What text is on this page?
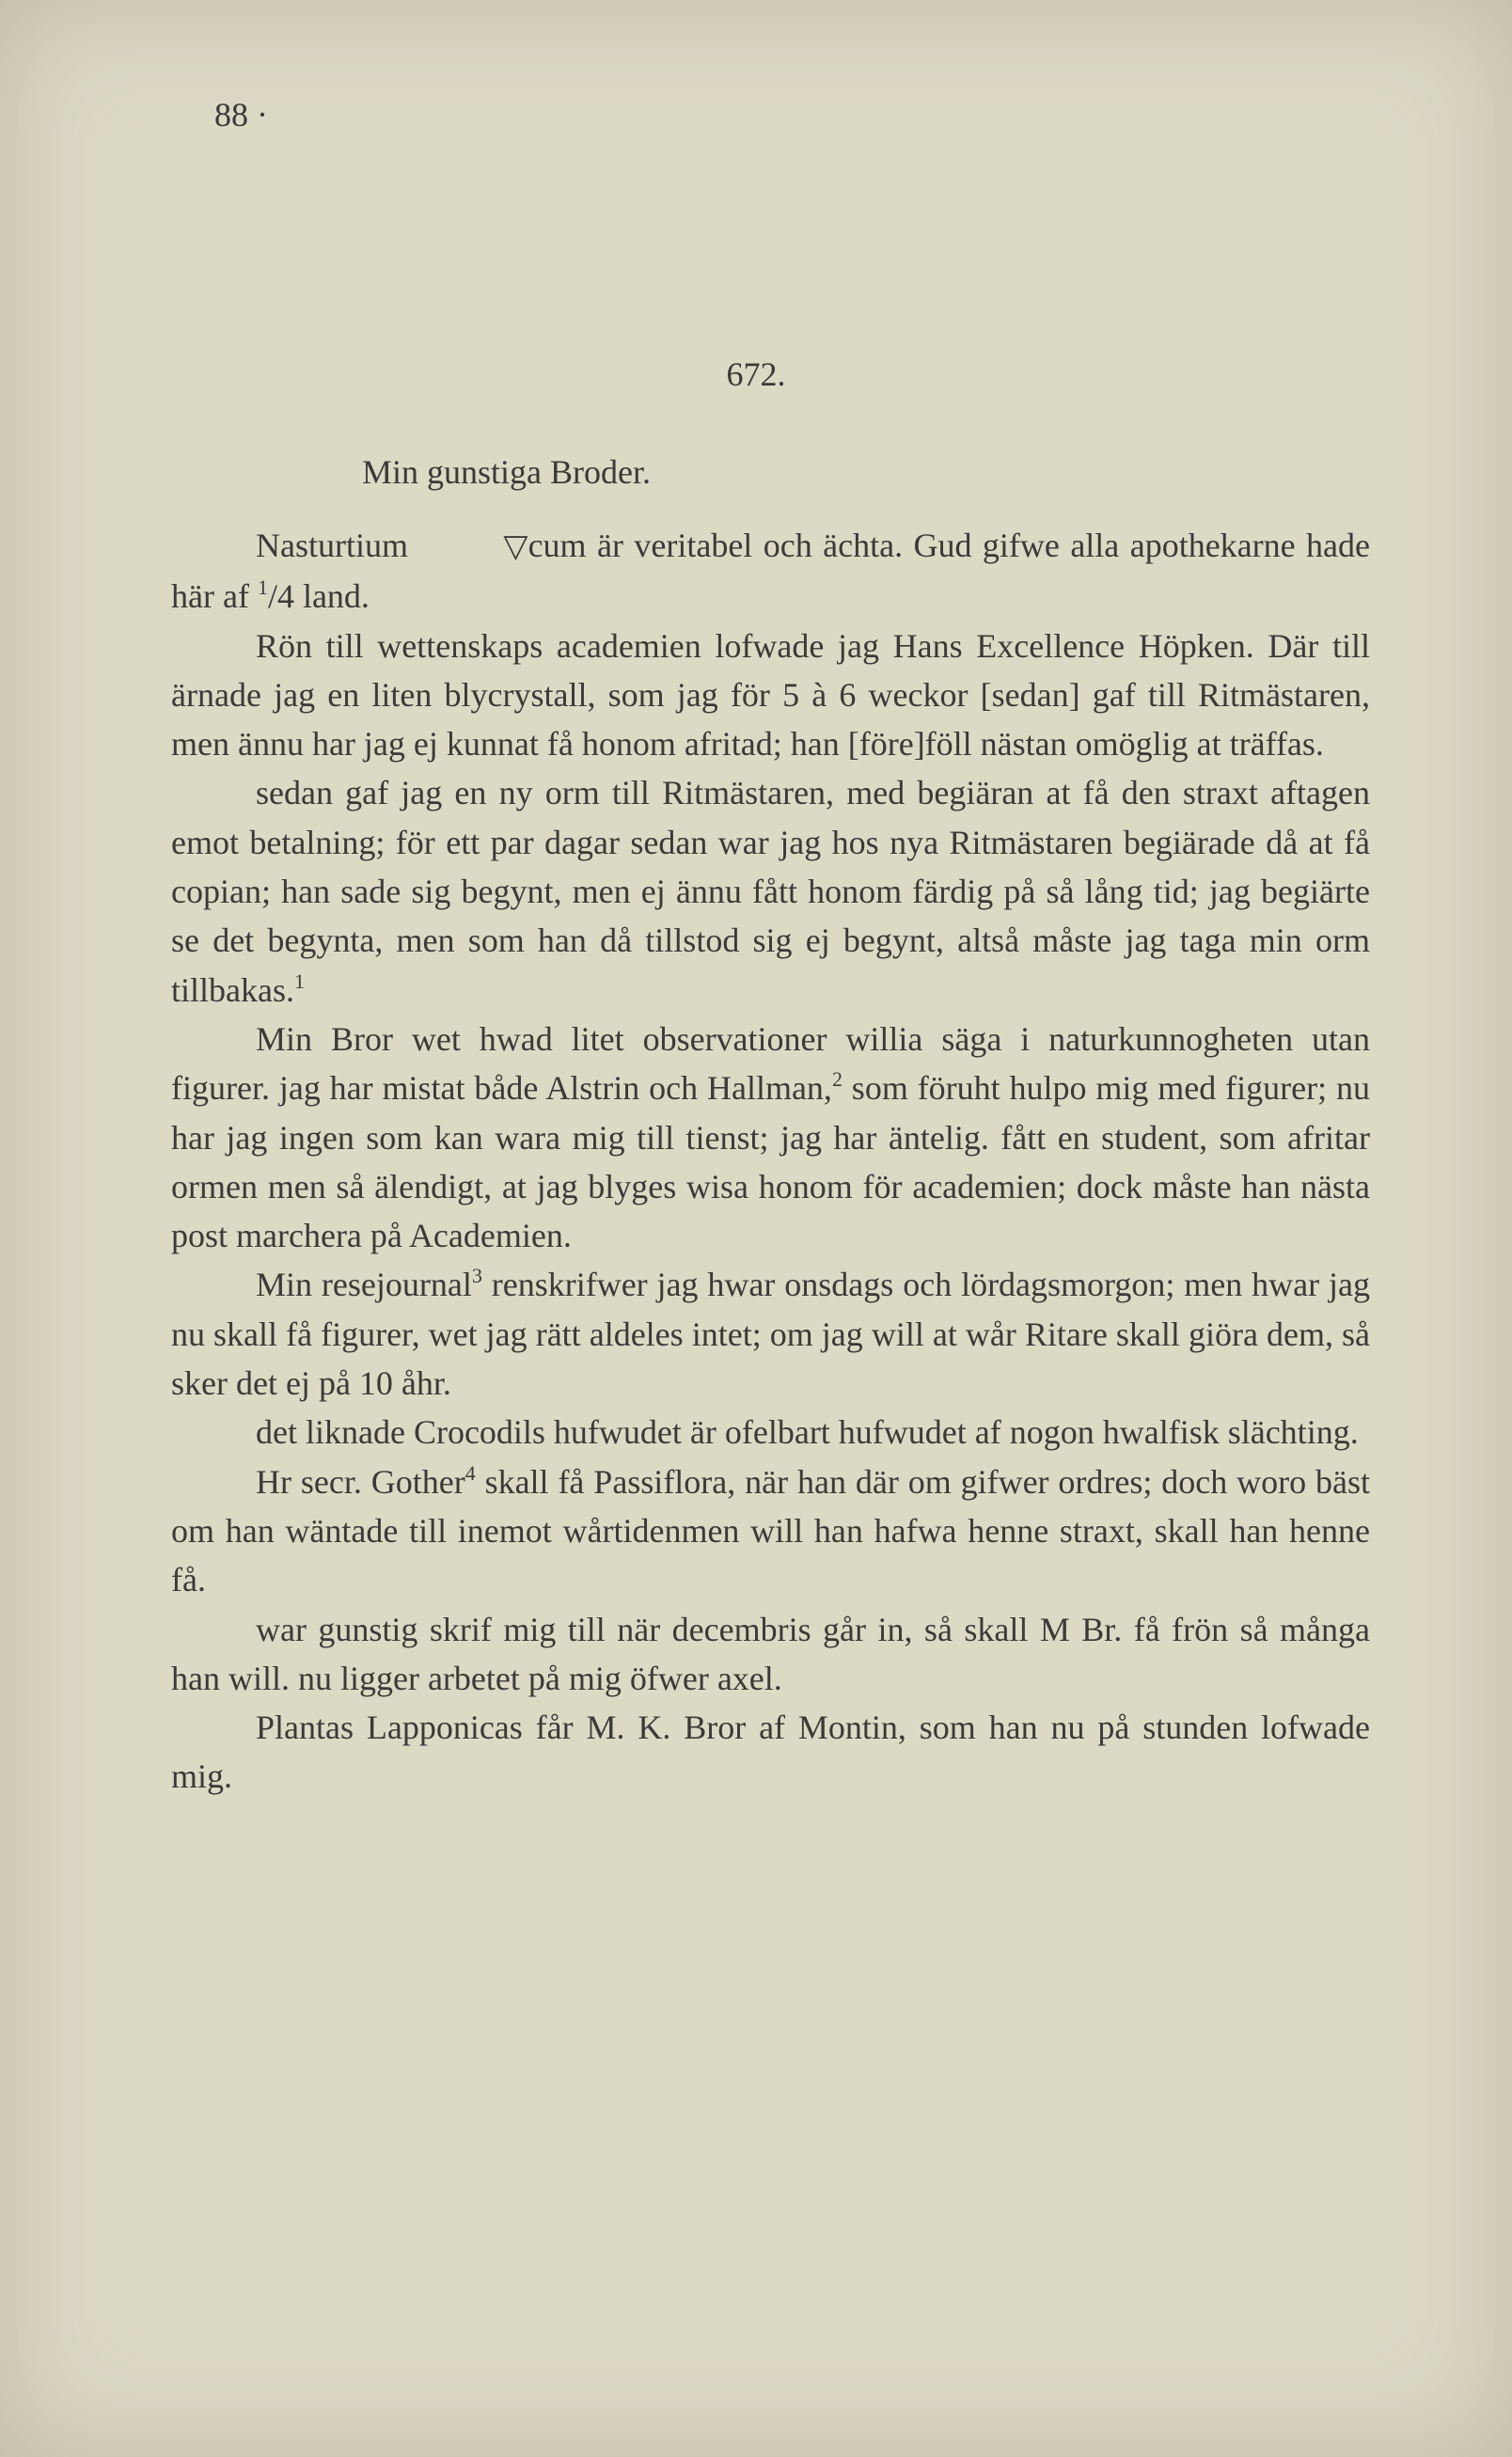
88 ·
672.
Min gunstiga Broder.

Nasturtium	▽cum är veritabel och ächta. Gud gifwe alla apothekarne hade här af $^1$/4 land.

Rön till wettenskaps academien lofwade jag Hans Excellence Höpken. Där till ärnade jag en liten blycrystall, som jag för 5 à 6 weckor [sedan] gaf till Ritmästaren, men ännu har jag ej kunnat få honom afritad; han [före]föll nästan omöglig at träffas.

sedan gaf jag en ny orm till Ritmästaren, med begiäran at få den straxt aftagen emot betalning; för ett par dagar sedan war jag hos nya Ritmästaren begiärade då at få copian; han sade sig begynt, men ej ännu fått honom färdig på så lång tid; jag begiärte se det begynta, men som han då tillstod sig ej begynt, altså måste jag taga min orm tillbakas.$^1$

Min Bror wet hwad litet observationer willia säga i naturkunnogheten utan figurer. jag har mistat både Alstrin och Hallman,$^2$ som föruht hulpo mig med figurer; nu har jag ingen som kan wara mig till tienst; jag har äntelig. fått en student, som afritar ormen men så älendigt, at jag blyges wisa honom för academien; dock måste han nästa post marchera på Academien.

Min resejournal$^3$ renskrifwer jag hwar onsdags och lördagsmorgon; men hwar jag nu skall få figurer, wet jag rätt aldeles intet; om jag will at wår Ritare skall giöra dem, så sker det ej på 10 åhr.

det liknade Crocodils hufwudet är ofelbart hufwudet af nogon hwalfisk slächting.

Hr secr. Gother$^4$ skall få Passiflora, när han där om gifwer ordres; doch woro bäst om han wäntade till inemot wårtidenmen will han hafwa henne straxt, skall han henne få.

war gunstig skrif mig till när decembris går in, så skall M Br. få frön så många han will. nu ligger arbetet på mig öfwer axel.

Plantas Lapponicas får M. K. Bror af Montin, som han nu på stunden lofwade mig.
